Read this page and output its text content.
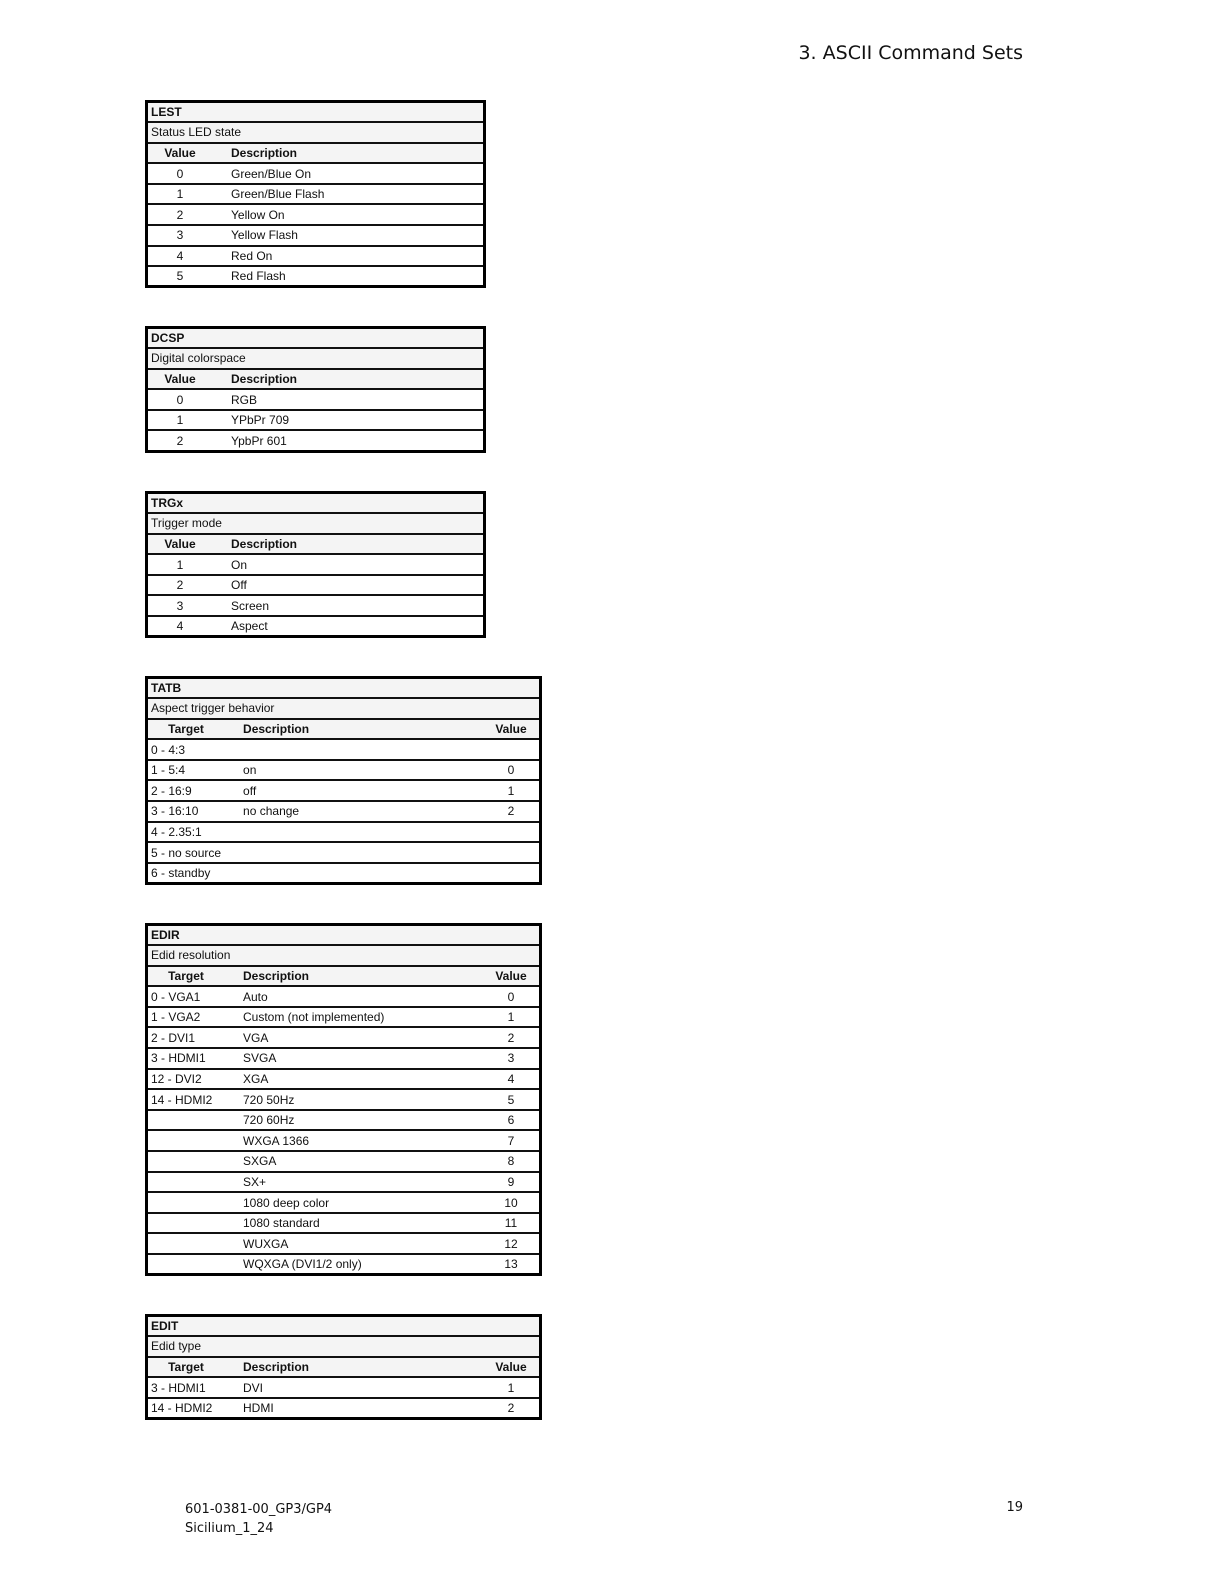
3. ASCII Command Sets
LEST	
Status LED state	
Value	Description
0	Green/Blue On
1	Green/Blue Flash
2	Yellow On
3	Yellow Flash
4	Red On
5	Red Flash
DCSP	
Digital colorspace	
Value	Description
0	RGB
1	YPbPr 709
2	YpbPr 601
TRGx	
Trigger mode	
Value	Description
1	On
2	Off
3	Screen
4	Aspect
TATB		
Aspect trigger behavior		
Target	Description	Value
0 - 4:3		
1 - 5:4	on	0
2 - 16:9	off	1
3 - 16:10	no change	2
4 - 2.35:1		
5 - no source		
6 - standby		
EDIR		
Edid resolution		
Target	Description	Value
0 - VGA1	Auto	0
1 - VGA2	Custom (not implemented)	1
2 - DVI1	VGA	2
3 - HDMI1	SVGA	3
12 - DVI2	XGA	4
14 - HDMI2	720 50Hz	5
	720 60Hz	6
	WXGA 1366	7
	SXGA	8
	SX+	9
	1080 deep color	10
	1080 standard	11
	WUXGA	12
	WQXGA (DVI1/2 only)	13
EDIT		
Edid type		
Target	Description	Value
3 - HDMI1	DVI	1
14 - HDMI2	HDMI	2
601-0381-00_GP3/GP4
Sicilium_1_24
19
